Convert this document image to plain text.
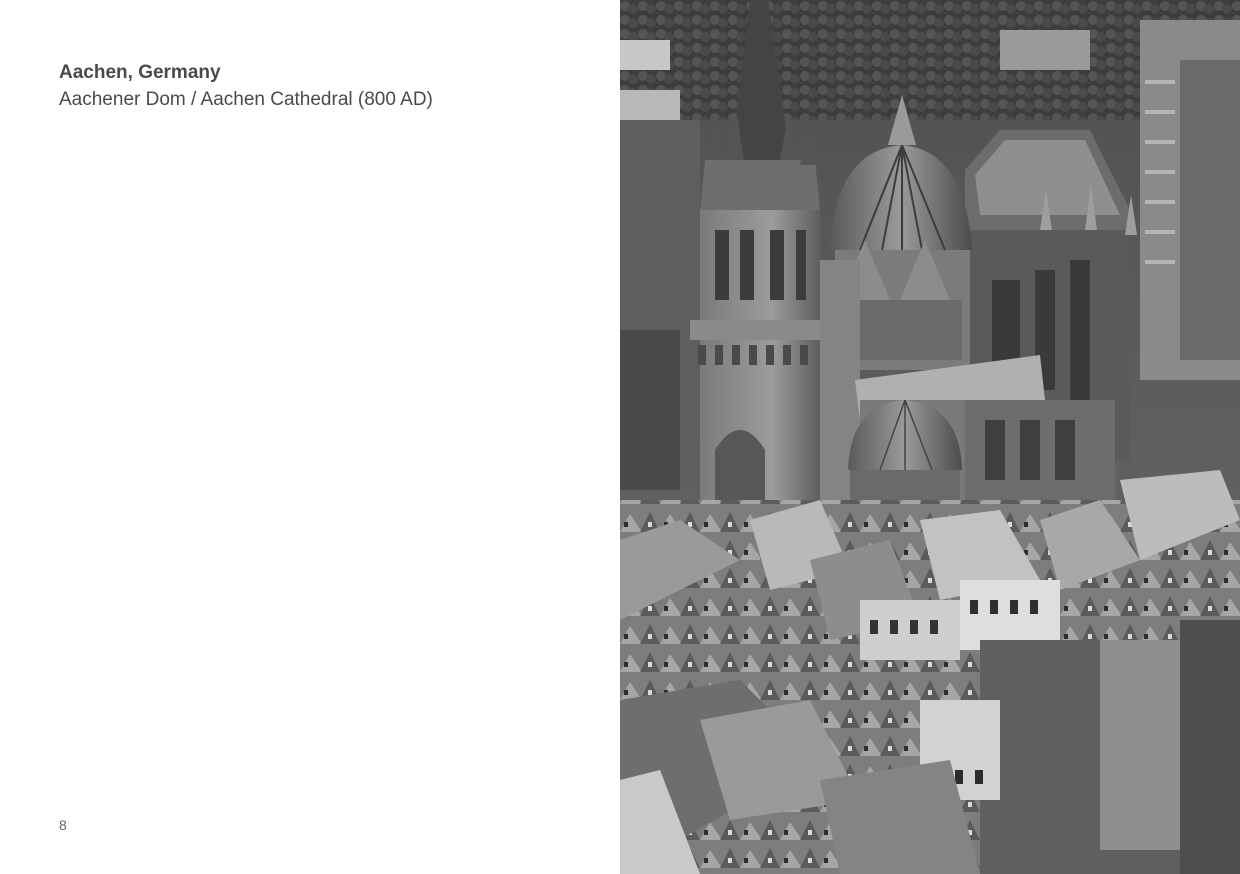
Aachen, Germany
Aachener Dom / Aachen Cathedral (800 AD)
8
